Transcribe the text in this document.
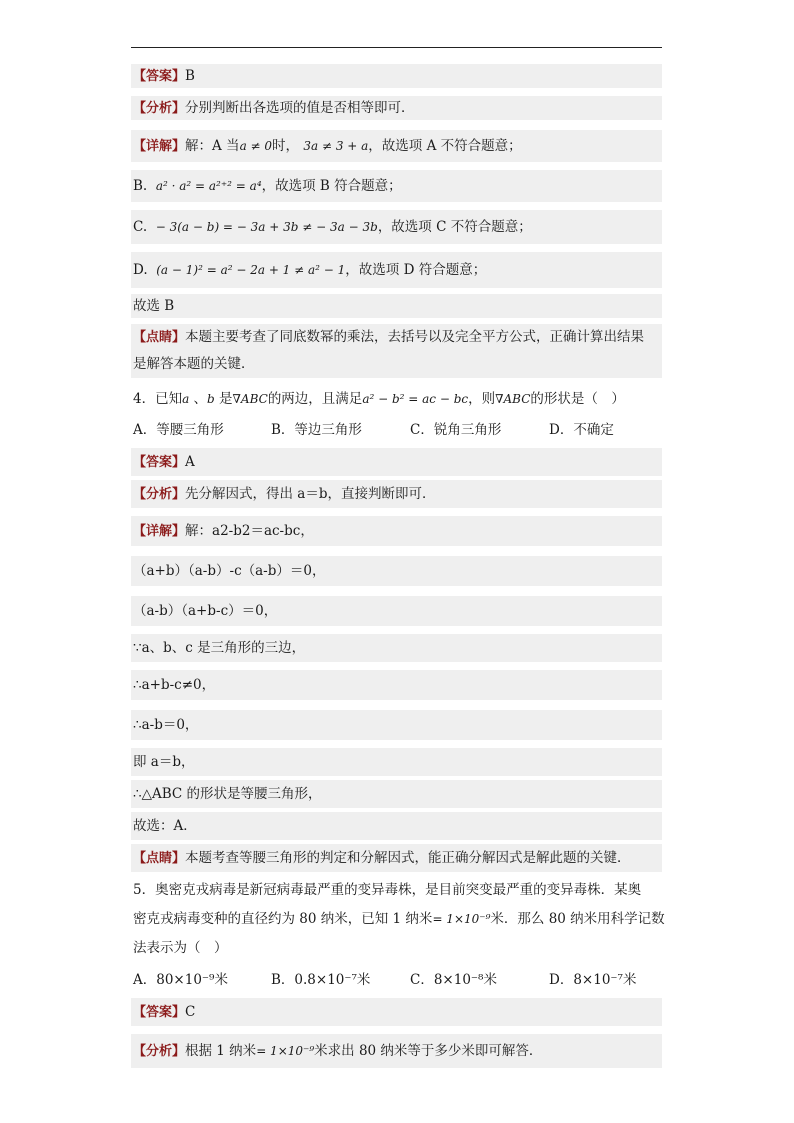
【答案】B
【分析】分别判断出各选项的值是否相等即可．
【详解】解：A 当a ≠ 0时， 3a ≠ 3 + a，故选项 A 不符合题意；
B. a² · a² = a²⁺² = a⁴，故选项 B 符合题意；
C. − 3(a − b) = − 3a + 3b ≠ − 3a − 3b，故选项 C 不符合题意；
D. (a − 1)² = a² − 2a + 1 ≠ a² − 1，故选项 D 符合题意；
故选 B
【点睛】本题主要考查了同底数幂的乘法，去括号以及完全平方公式，正确计算出结果
是解答本题的关键．
4．已知a 、b 是∇ABC的两边，且满足a² − b² = ac − bc，则∇ABC的形状是（　）
A．等腰三角形	B．等边三角形	C．锐角三角形	D．不确定
【答案】A
【分析】先分解因式，得出 a＝b，直接判断即可．
【详解】解：a2-b2＝ac-bc，
（a+b）（a-b）-c（a-b）＝0，
（a-b）（a+b-c）＝0，
∵a、b、c 是三角形的三边，
∴a+b-c≠0，
∴a-b＝0，
即 a＝b，
∴△ABC 的形状是等腰三角形，
故选：A．
【点睛】本题考查等腰三角形的判定和分解因式，能正确分解因式是解此题的关键．
5．奥密克戎病毒是新冠病毒最严重的变异毒株，是目前突变最严重的变异毒株．某奥
密克戎病毒变种的直径约为 80 纳米，已知 1 纳米= 1×10⁻⁹米．那么 80 纳米用科学记数
法表示为（　）
A．80×10⁻⁹米	B．0.8×10⁻⁷米	C．8×10⁻⁸米	D．8×10⁻⁷米
【答案】C
【分析】根据 1 纳米= 1×10⁻⁹米求出 80 纳米等于多少米即可解答．
